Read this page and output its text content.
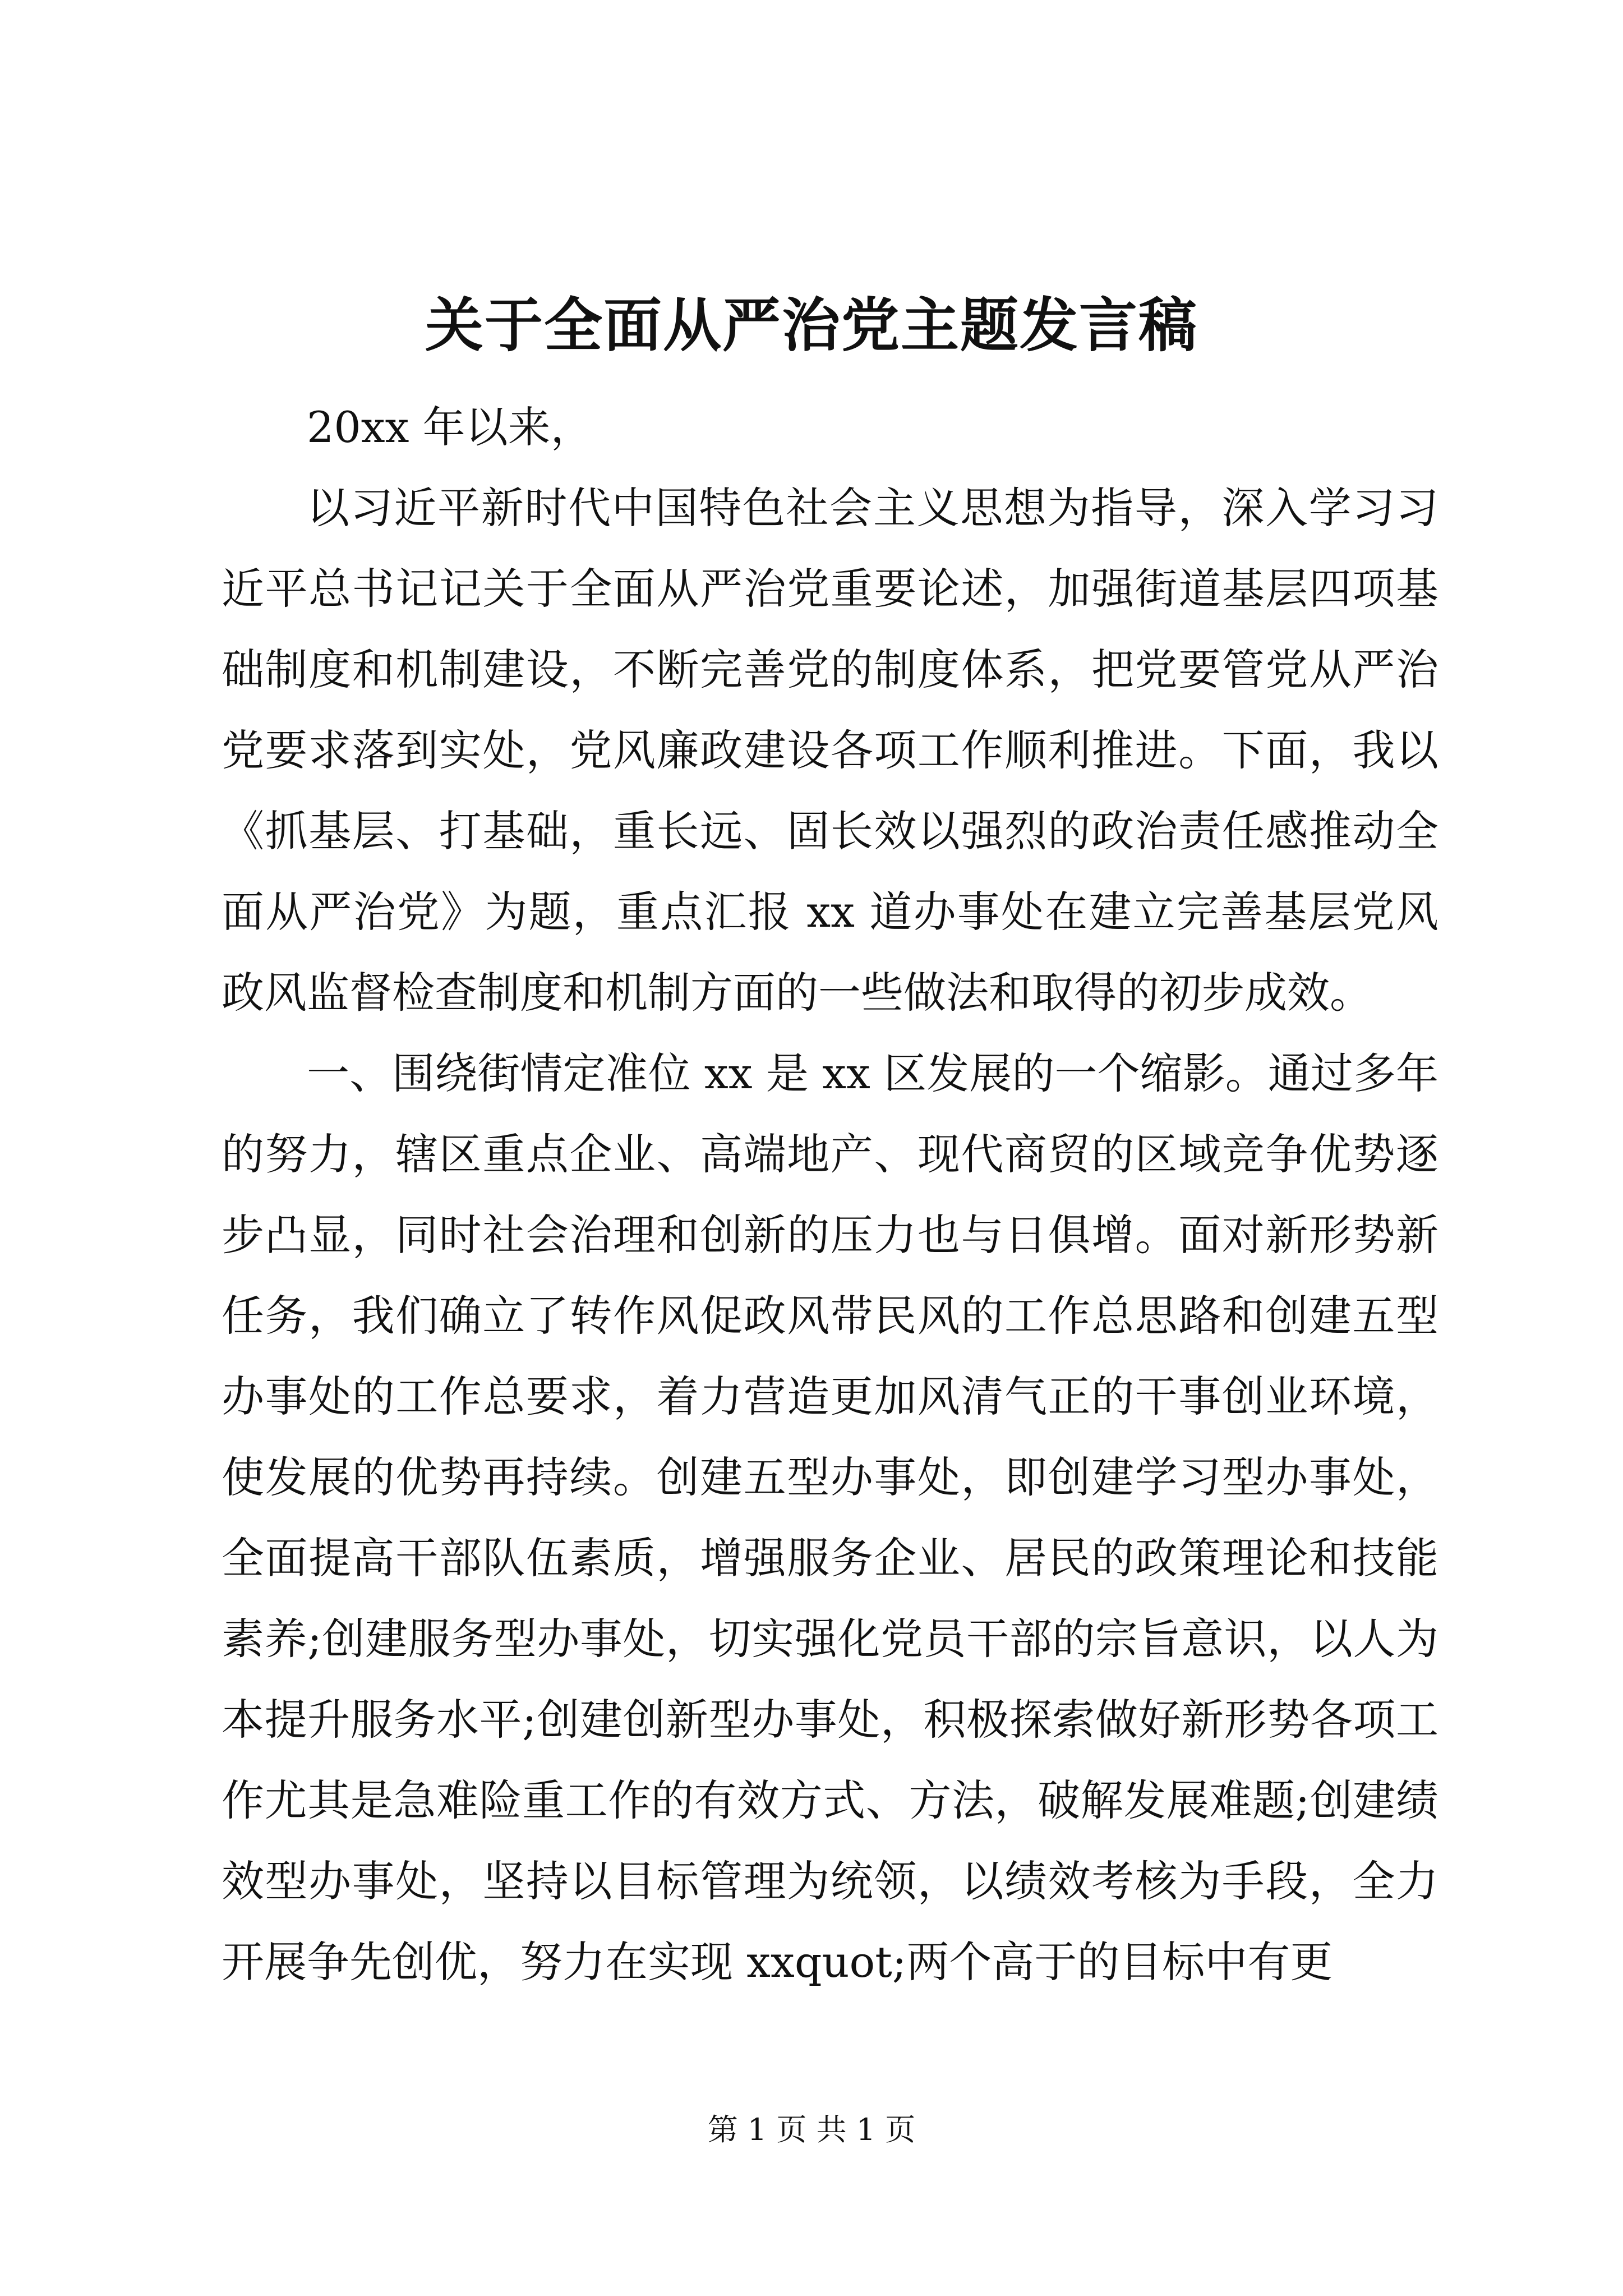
关于全面从严治党主题发言稿

20xx 年以来，

以习近平新时代中国特色社会主义思想为指导，深入学习习近平总书记记关于全面从严治党重要论述，加强街道基层四项基础制度和机制建设，不断完善党的制度体系，把党要管党从严治党要求落到实处，党风廉政建设各项工作顺利推进。下面，我以《抓基层、打基础，重长远、固长效以强烈的政治责任感推动全面从严治党》为题，重点汇报 xx 道办事处在建立完善基层党风政风监督检查制度和机制方面的一些做法和取得的初步成效。

一、围绕街情定准位 xx 是 xx 区发展的一个缩影。通过多年的努力，辖区重点企业、高端地产、现代商贸的区域竞争优势逐步凸显，同时社会治理和创新的压力也与日俱增。面对新形势新任务，我们确立了转作风促政风带民风的工作总思路和创建五型办事处的工作总要求，着力营造更加风清气正的干事创业环境，使发展的优势再持续。创建五型办事处，即创建学习型办事处，全面提高干部队伍素质，增强服务企业、居民的政策理论和技能素养;创建服务型办事处，切实强化党员干部的宗旨意识，以人为本提升服务水平;创建创新型办事处，积极探索做好新形势各项工作尤其是急难险重工作的有效方式、方法，破解发展难题;创建绩效型办事处，坚持以目标管理为统领，以绩效考核为手段，全力开展争先创优，努力在实现 xxquot;两个高于的目标中有更

第 1 页 共 1 页
